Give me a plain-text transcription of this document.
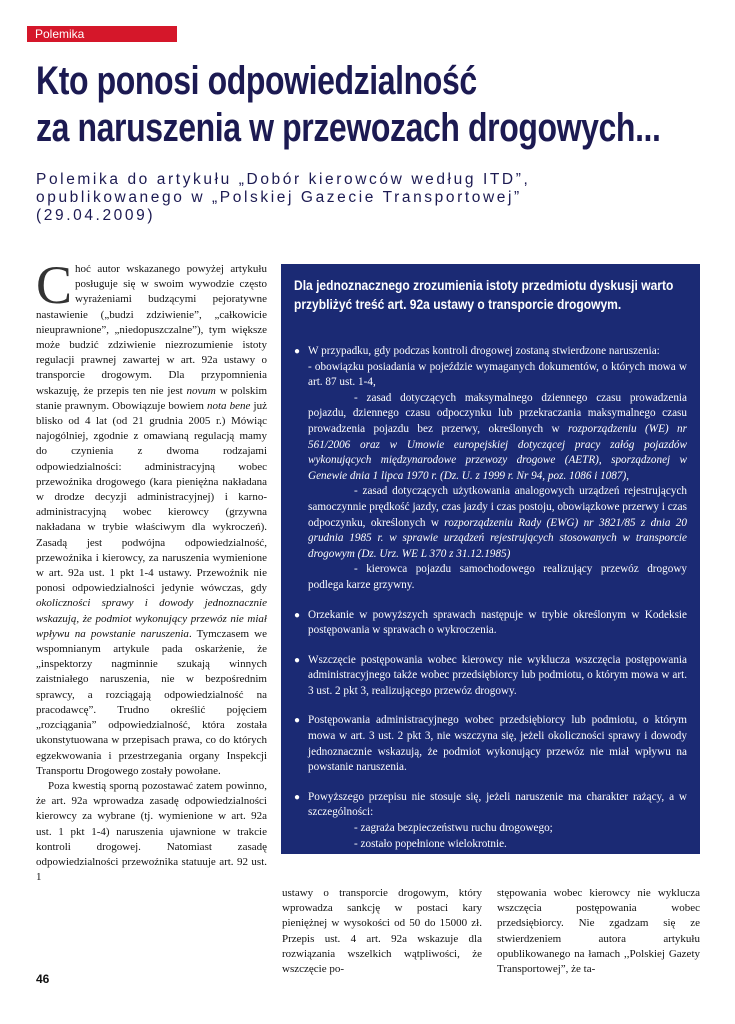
Polemika
Kto ponosi odpowiedzialność
za naruszenia w przewozach drogowych...
Polemika do artykułu „Dobór kierowców według ITD”,
opublikowanego w „Polskiej Gazecie Transportowej”
(29.04.2009)

Choć autor wskazanego powyżej artykułu posługuje się w swoim wywodzie często wyrażeniami budzącymi pejoratywne nastawienie („budzi zdziwienie”, „całkowicie nieuprawnione”, „niedopuszczalne”), tym większe może budzić zdziwienie niezrozumienie istoty regulacji prawnej zawartej w art. 92a ustawy o transporcie drogowym. Dla przypomnienia wskazuję, że przepis ten nie jest novum w polskim stanie prawnym. Obowiązuje bowiem nota bene już blisko od 4 lat (od 21 grudnia 2005 r.) Mówiąc najogólniej, zgodnie z omawianą regulacją mamy do czynienia z dwoma rodzajami odpowiedzialności: administracyjną wobec przewoźnika drogowego (kara pieniężna nakładana w drodze decyzji administracyjnej) i karno-administracyjną wobec kierowcy (grzywna nakładana w trybie właściwym dla wykroczeń). Zasadą jest podwójna odpowiedzialność, przewoźnika i kierowcy, za naruszenia wymienione w art. 92a ust. 1 pkt 1-4 ustawy. Przewoźnik nie ponosi odpowiedzialności jedynie wówczas, gdy okoliczności sprawy i dowody jednoznacznie wskazują, że podmiot wykonujący przewóz nie miał wpływu na powstanie naruszenia. Tymczasem we wspomnianym artykule pada oskarżenie, że „inspektorzy nagminnie szukają winnych zaistniałego naruszenia, nie w bezpośrednim sprawcy, a rozciągają odpowiedzialność na pracodawcę”. Trudno określić pojęciem „rozciągania” odpowiedzialność, która została ukonstytuowana w przepisach prawa, co do których egzekwowania i przestrzegania organy Inspekcji Transportu Drogowego zostały powołane.

Poza kwestią sporną pozostawać zatem powinno, że art. 92a wprowadza zasadę odpowiedzialności kierowcy za wybrane (tj. wymienione w art. 92a ust. 1 pkt 1-4) naruszenia ujawnione w trakcie kontroli drogowej. Natomiast zasadę odpowiedzialności przewoźnika statuuje art. 92 ust. 1

Dla jednoznacznego zrozumienia istoty przedmiotu dyskusji warto
przybliżyć treść art. 92a ustawy o transporcie drogowym.

● W przypadku, gdy podczas kontroli drogowej zostaną stwierdzone naruszenia:

- obowiązku posiadania w pojeździe wymaganych dokumentów, o których mowa w art. 87 ust. 1-4,

- zasad dotyczących maksymalnego dziennego czasu prowadzenia pojazdu, dziennego czasu odpoczynku lub przekraczania maksymalnego czasu prowadzenia pojazdu bez przerwy, określonych w rozporządzeniu (WE) nr 561/2006 oraz w Umowie europejskiej dotyczącej pracy załóg pojazdów wykonujących międzynarodowe przewozy drogowe (AETR), sporządzonej w Genewie dnia 1 lipca 1970 r. (Dz. U. z 1999 r. Nr 94, poz. 1086 i 1087),

- zasad dotyczących użytkowania analogowych urządzeń rejestrujących samoczynnie prędkość jazdy, czas jazdy i czas postoju, obowiązkowe przerwy i czas odpoczynku, określonych w rozporządzeniu Rady (EWG) nr 3821/85 z dnia 20 grudnia 1985 r. w sprawie urządzeń rejestrujących stosowanych w transporcie drogowym (Dz. Urz. WE L 370 z 31.12.1985)

- kierowca pojazdu samochodowego realizujący przewóz drogowy podlega karze grzywny.

● Orzekanie w powyższych sprawach następuje w trybie określonym w Kodeksie postępowania w sprawach o wykroczenia.

● Wszczęcie postępowania wobec kierowcy nie wyklucza wszczęcia postępowania administracyjnego także wobec przedsiębiorcy lub podmiotu, o którym mowa w art. 3 ust. 2 pkt 3, realizującego przewóz drogowy.

● Postępowania administracyjnego wobec przedsiębiorcy lub podmiotu, o którym mowa w art. 3 ust. 2 pkt 3, nie wszczyna się, jeżeli okoliczności sprawy i dowody jednoznacznie wskazują, że podmiot wykonujący przewóz nie miał wpływu na powstanie naruszenia.

● Powyższego przepisu nie stosuje się, jeżeli naruszenie ma charakter rażący, a w szczególności:

- zagraża bezpieczeństwu ruchu drogowego;

- zostało popełnione wielokrotnie.

ustawy o transporcie drogowym, który wprowadza sankcję w postaci kary pieniężnej w wysokości od 50 do 15000 zł. Przepis ust. 4 art. 92a wskazuje dla rozwiązania wszelkich wątpliwości, że wszczęcie po-

stępowania wobec kierowcy nie wyklucza wszczęcia postępowania wobec przedsiębiorcy. Nie zgadzam się ze stwierdzeniem autora artykułu opublikowanego na łamach ,,Polskiej Gazety Transportowej”, że ta-

46
